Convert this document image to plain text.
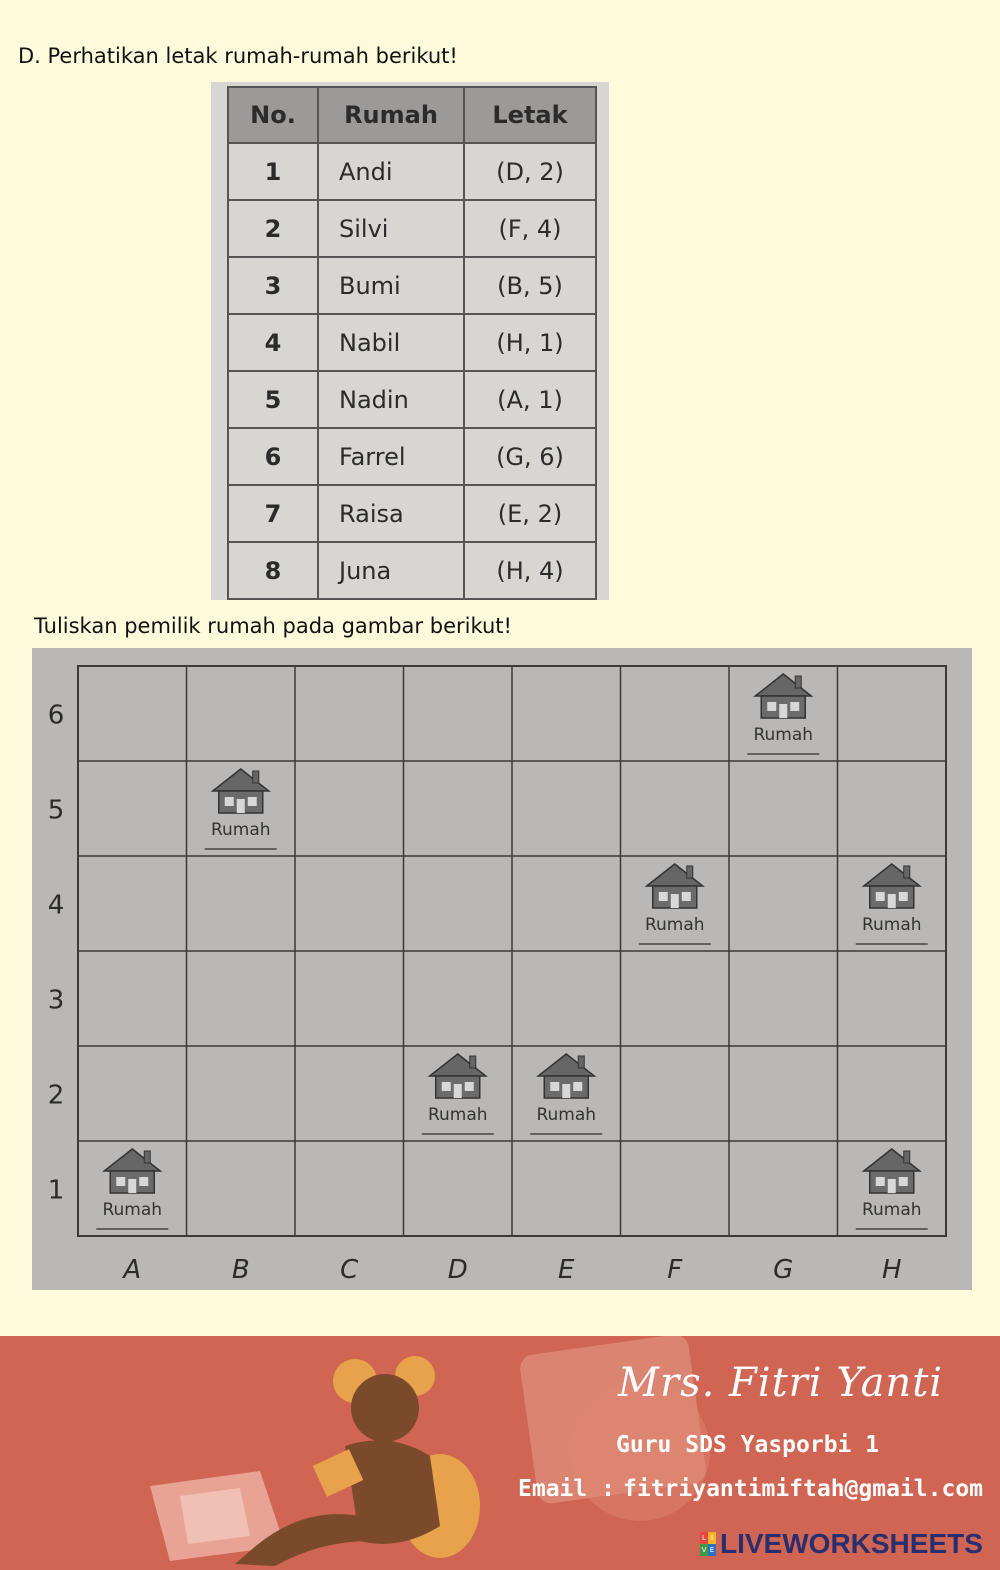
D. Perhatikan letak rumah-rumah berikut!
No.	Rumah	Letak
1	Andi	(D, 2)
2	Silvi	(F, 4)
3	Bumi	(B, 5)
4	Nabil	(H, 1)
5	Nadin	(A, 1)
6	Farrel	(G, 6)
7	Raisa	(E, 2)
8	Juna	(H, 4)
Tuliskan pemilik rumah pada gambar berikut!
6
5
4
3
2
1
A	B	C	D	E	F	G	H
Rumah
Rumah
Rumah	Rumah
Rumah	Rumah
Rumah	Rumah
Mrs. Fitri Yanti
Guru SDS Yasporbi 1
Email : fitriyantimiftah@gmail.com
L I
V E LIVEWORKSHEETS
